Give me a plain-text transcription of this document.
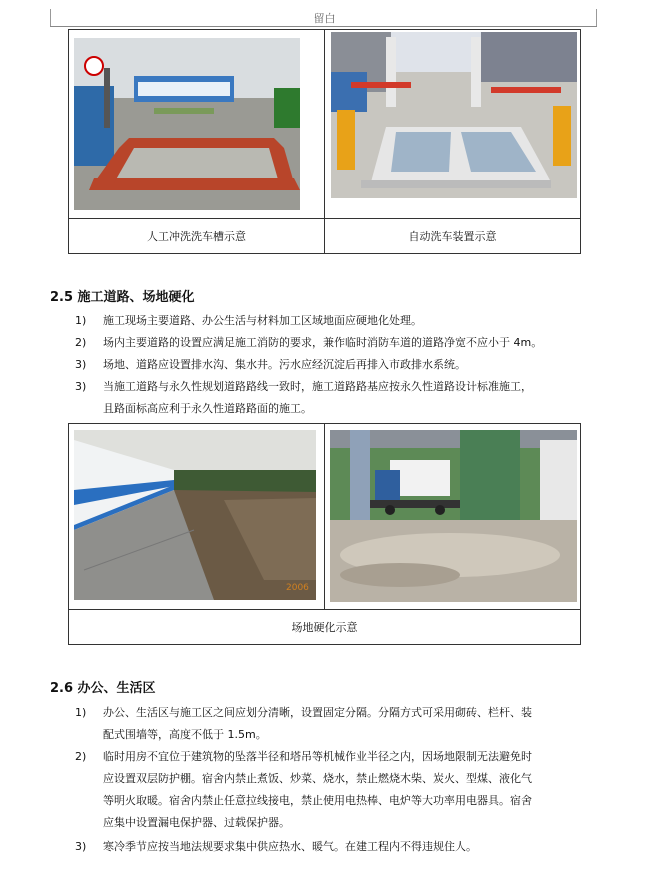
留白
人工冲洗洗车槽示意	自动洗车装置示意
2.5 施工道路、场地硬化
1) 施工现场主要道路、办公生活与材料加工区域地面应硬地化处理。
2) 场内主要道路的设置应满足施工消防的要求，兼作临时消防车道的道路净宽不应小于 4m。
3) 场地、道路应设置排水沟、集水井。污水应经沉淀后再排入市政排水系统。
3) 当施工道路与永久性规划道路路线一致时，施工道路路基应按永久性道路设计标准施工，
且路面标高应利于永久性道路路面的施工。
2006
场地硬化示意
2.6 办公、生活区
1) 办公、生活区与施工区之间应划分清晰，设置固定分隔。分隔方式可采用砌砖、栏杆、装
配式围墙等，高度不低于 1.5m。
2) 临时用房不宜位于建筑物的坠落半径和塔吊等机械作业半径之内，因场地限制无法避免时
应设置双层防护棚。宿舍内禁止煮饭、炒菜、烧水，禁止燃烧木柴、炭火、型煤、液化气
等明火取暖。宿舍内禁止任意拉线接电，禁止使用电热棒、电炉等大功率用电器具。宿舍
应集中设置漏电保护器、过载保护器。
3) 寒冷季节应按当地法规要求集中供应热水、暖气。在建工程内不得违规住人。
